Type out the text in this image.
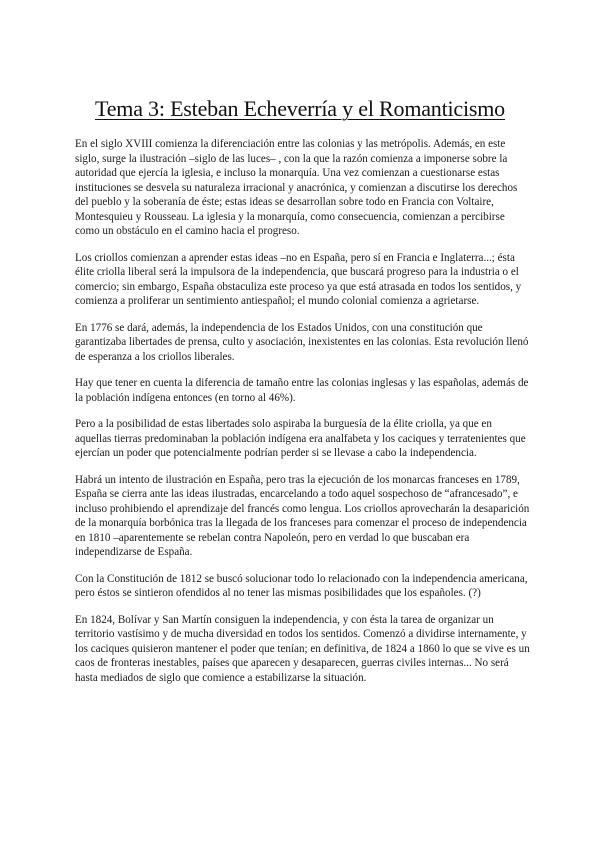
Tema 3: Esteban Echeverría y el Romanticismo

En el siglo XVIII comienza la diferenciación entre las colonias y las metrópolis. Además, en este siglo, surge la ilustración –siglo de las luces– , con la que la razón comienza a imponerse sobre la autoridad que ejercía la iglesia, e incluso la monarquía. Una vez comienzan a cuestionarse estas instituciones se desvela su naturaleza irracional y anacrónica, y comienzan a discutirse los derechos del pueblo y la soberanía de éste; estas ideas se desarrollan sobre todo en Francia con Voltaire, Montesquieu y Rousseau. La iglesia y la monarquía, como consecuencia, comienzan a percibirse como un obstáculo en el camino hacia el progreso.

Los criollos comienzan a aprender estas ideas –no en España, pero sí en Francia e Inglaterra...; ésta élite criolla liberal será la impulsora de la independencia, que buscará progreso para la industria o el comercio; sin embargo, España obstaculiza este proceso ya que está atrasada en todos los sentidos, y comienza a proliferar un sentimiento antiespañol; el mundo colonial comienza a agrietarse.

En 1776 se dará, además, la independencia de los Estados Unidos, con una constitución que garantizaba libertades de prensa, culto y asociación, inexistentes en las colonias. Esta revolución llenó de esperanza a los criollos liberales.

Hay que tener en cuenta la diferencia de tamaño entre las colonias inglesas y las españolas, además de la población indígena entonces (en torno al 46%).

Pero a la posibilidad de estas libertades solo aspiraba la burguesía de la élite criolla, ya que en aquellas tierras predominaban la población indígena era analfabeta y los caciques y terratenientes que ejercían un poder que potencialmente podrían perder si se llevase a cabo la independencia.

Habrá un intento de ilustración en España, pero tras la ejecución de los monarcas franceses en 1789, España se cierra ante las ideas ilustradas, encarcelando a todo aquel sospechoso de “afrancesado”, e incluso prohibiendo el aprendizaje del francés como lengua. Los criollos aprovecharán la desaparición de la monarquía borbónica tras la llegada de los franceses para comenzar el proceso de independencia en 1810 –aparentemente se rebelan contra Napoleón, pero en verdad lo que buscaban era independizarse de España.

Con la Constitución de 1812 se buscó solucionar todo lo relacionado con la independencia americana, pero éstos se sintieron ofendidos al no tener las mismas posibilidades que los españoles. (?)

En 1824, Bolívar y San Martín consiguen la independencia, y con ésta la tarea de organizar un territorio vastísimo y de mucha diversidad en todos los sentidos. Comenzó a dividirse internamente, y los caciques quisieron mantener el poder que tenían; en definitiva, de 1824 a 1860 lo que se vive es un caos de fronteras inestables, países que aparecen y desaparecen, guerras civiles internas... No será hasta mediados de siglo que comience a estabilizarse la situación.
